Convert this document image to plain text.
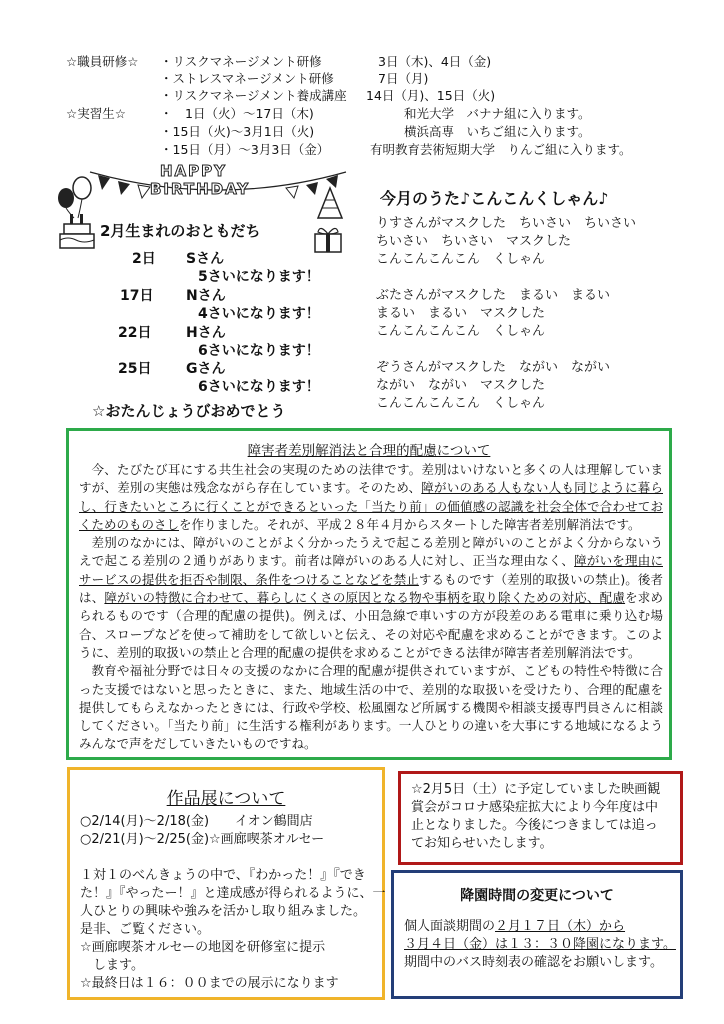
☆職員研修☆ ・リスクマネージメント研修	3日（木)、4日（金)
・ストレスマネージメント研修	7日（月)
・リスクマネージメント養成講座 14日（月)、15日（火)
☆実習生☆	・　1日（火）～17日（木)	和光大学　バナナ組に入ります。
・15日（火)～3月1日（火)	横浜高専　いちご組に入ります。
・15日（月）～3月3日（金）	有明教育芸術短期大学　りんご組に入ります。
HAPPY
BIRTHDAY
2月生まれのおともだち
2日 Sさん
5さいになります！
17日 Nさん
4さいになります！
22日 Hさん
6さいになります！
25日 Gさん
6さいになります！
☆おたんじょうびおめでとう
今月のうた♪こんこんくしゃん♪
りすさんがマスクした　ちいさい　ちいさい
ちいさい　ちいさい　マスクした
こんこんこんこん　くしゃん
ぶたさんがマスクした　まるい　まるい
まるい　まるい　マスクした
こんこんこんこん　くしゃん
ぞうさんがマスクした　ながい　ながい
ながい　ながい　マスクした
こんこんこんこん　くしゃん
障害者差別解消法と合理的配慮について

今、たびたび耳にする共生社会の実現のための法律です。差別はいけないと多くの人は理解していますが、差別の実態は残念ながら存在しています。そのため、障がいのある人もない人も同じように暮らし、行きたいところに行くことができるといった「当たり前」の価値感の認識を社会全体で合わせておくためのものさしを作りました。それが、平成２８年４月からスタートした障害者差別解消法です。

差別のなかには、障がいのことがよく分かったうえで起こる差別と障がいのことがよく分からないうえで起こる差別の２通りがあります。前者は障がいのある人に対し、正当な理由なく、障がいを理由にサービスの提供を拒否や制限、条件をつけることなどを禁止するものです（差別的取扱いの禁止)。後者は、障がいの特徴に合わせて、暮らしにくさの原因となる物や事柄を取り除くための対応、配慮を求められるものです（合理的配慮の提供)。例えば、小田急線で車いすの方が段差のある電車に乗り込む場合、スロープなどを使って補助をして欲しいと伝え、その対応や配慮を求めることができます。このように、差別的取扱いの禁止と合理的配慮の提供を求めることができる法律が障害者差別解消法です。

教育や福祉分野では日々の支援のなかに合理的配慮が提供されていますが、こどもの特性や特徴に合った支援ではないと思ったときに、また、地域生活の中で、差別的な取扱いを受けたり、合理的配慮を提供してもらえなかったときには、行政や学校、松風園など所属する機関や相談支援専門員さんに相談してください。「当たり前」に生活する権利があります。一人ひとりの違いを大事にする地域になるようみんなで声をだしていきたいものですね。

作品展について
○2/14(月)～2/18(金)　　イオン鶴間店
○2/21(月)～2/25(金)☆画廊喫茶オルセー
１対１のべんきょうの中で、『わかった！』『でき
た！』『やったー！』と達成感が得られるように、一
人ひとりの興味や強みを活かし取り組みました。
是非、ご覧ください。
☆画廊喫茶オルセーの地図を研修室に提示
　します。
☆最終日は１６：００までの展示になります
☆2月5日（土）に予定していました映画観
賞会がコロナ感染症拡大により今年度は中
止となりました。今後につきましては追っ
てお知らせいたします。
降園時間の変更について
個人面談期間の２月１７日（木）から
３月４日（金）は１３：３０降園になります。
期間中のバス時刻表の確認をお願いします。
